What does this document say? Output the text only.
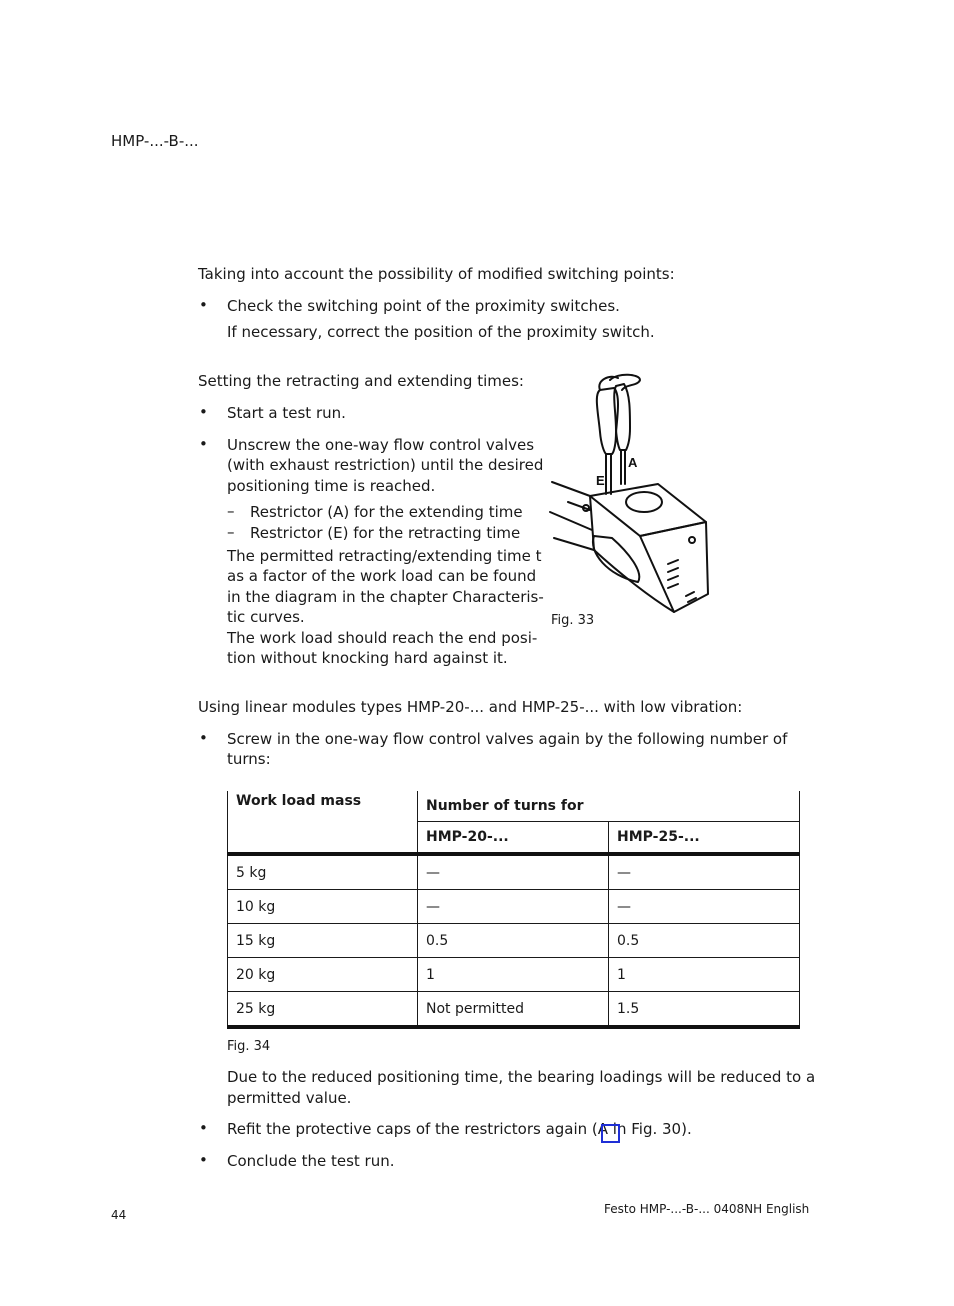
HMP-...-B-...
Taking into account the possibility of modified switching points:
• Check the switching point of the proximity switches.
If necessary, correct the position of the proximity switch.
Setting the retracting and extending times:
• Start a test run.
• Unscrew the one-way flow control valves
(with exhaust restriction) until the desired
positioning time is reached.
– Restrictor (A) for the extending time
– Restrictor (E) for the retracting time
The permitted retracting/extending time t
as a factor of the work load can be found
in the diagram in the chapter Characteris-
tic curves.
The work load should reach the end posi-
tion without knocking hard against it.
A
E
Fig. 33
Using linear modules types HMP-20-... and HMP-25-... with low vibration:
• Screw in the one-way flow control valves again by the following number of
turns:
Work load mass	Number of turns for	
	HMP-20-...	HMP-25-...
5 kg	—	—
10 kg	—	—
15 kg	0.5	0.5
20 kg	1	1
25 kg	Not permitted	1.5
Fig. 34
Due to the reduced positioning time, the bearing loadings will be reduced to a
permitted value.
• Refit the protective caps of the restrictors again (A in Fig. 30).
• Conclude the test run.
44	Festo HMP-...-B-... 0408NH English
